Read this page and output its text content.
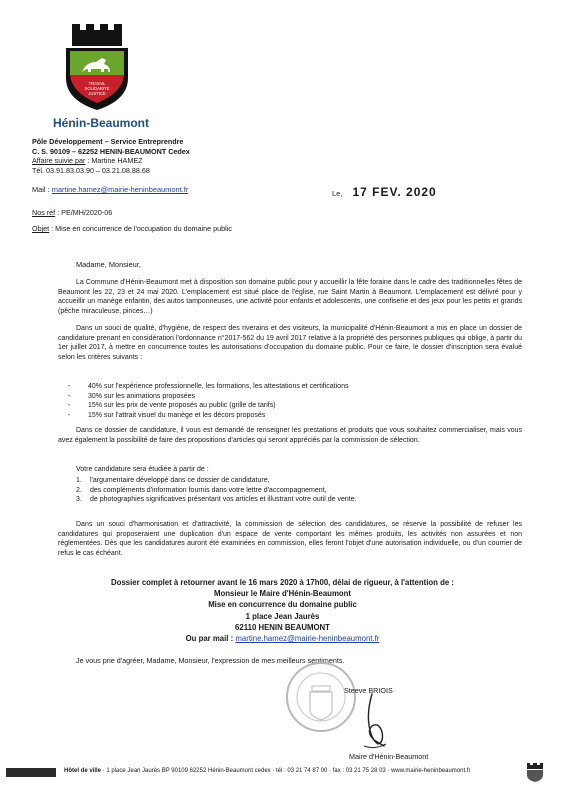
TRAVAIL
SOLIDARITÉ
JUSTICE
Hénin-Beaumont
Pôle Développement – Service Entreprendre
C. S. 90109 – 62252 HENIN-BEAUMONT Cedex
Affaire suivie par : Martine HAMEZ
Tél. 03.91.83.03.90 – 03.21.08.88.68
Mail : martine.hamez@mairie-heninbeaumont.fr	Le, 17 FEV. 2020
Nos réf : PE/MH/2020-06
Objet : Mise en concurrence de l'occupation du domaine public
Madame, Monsieur,

La Commune d'Hénin-Beaumont met à disposition son domaine public pour y accueillir la fête foraine dans le cadre des traditionnelles fêtes de Beaumont les 22, 23 et 24 mai 2020. L'emplacement est situé place de l'église, rue Saint Martin à Beaumont. L'emplacement est délivré pour y accueillir un manège enfantin, des autos tamponneuses, une activité pour enfants et adolescents, une confiserie et des jeux pour les petits et grands (pêche miraculeuse, pinces…)

Dans un souci de qualité, d'hygiène, de respect des riverains et des visiteurs, la municipalité d'Hénin-Beaumont a mis en place un dossier de candidature prenant en considération l'ordonnance n°2017-562 du 19 avril 2017 relative à la propriété des personnes publiques qui oblige, à partir du 1er juillet 2017, à mettre en concurrence toutes les autorisations d'occupation du domaine public. Pour ce faire, le dossier d'inscription sera évalué selon les critères suivants :

- 40% sur l'expérience professionnelle, les formations, les attestations et certifications
- 30% sur les animations proposées
- 15% sur les prix de vente proposés au public (grille de tarifs)
- 15% sur l'attrait visuel du manège et les décors proposés

Dans ce dossier de candidature, il vous est demandé de renseigner les prestations et produits que vous souhaitez commercialiser, mais vous avez également la possibilité de faire des propositions d'articles qui seront appréciés par la commission de sélection.

Votre candidature sera étudiée à partir de :
1. l'argumentaire développé dans ce dossier de candidature,
2. des compléments d'information fournis dans votre lettre d'accompagnement,
3. de photographies significatives présentant vos articles et illustrant votre outil de vente.

Dans un souci d'harmonisation et d'attractivité, la commission de sélection des candidatures, se réserve la possibilité de refuser les candidatures qui proposeraient une duplication d'un espace de vente comportant les mêmes produits, les activités non assurées et non réglementées. Dès que les candidatures auront été examinées en commission, elles feront l'objet d'une autorisation individuelle, ou d'un courrier de refus le cas échéant.

Dossier complet à retourner avant le 16 mars 2020 à 17h00, délai de rigueur, à l'attention de :
Monsieur le Maire d'Hénin-Beaumont
Mise en concurrence du domaine public
1 place Jean Jaurès
62110 HENIN BEAUMONT
Ou par mail : martine.hamez@mairie-heninbeaumont.fr
Je vous prie d'agréer, Madame, Monsieur, l'expression de mes meilleurs sentiments.
Steeve BRIOIS
Maire d'Hénin-Beaumont
Hôtel de ville · 1 place Jean Jaurès BP 90109 62252 Hénin-Beaumont cedex · tél : 03 21 74 87 00 · fax : 03 21 75 28 03 · www.mairie-heninbeaumont.fr
